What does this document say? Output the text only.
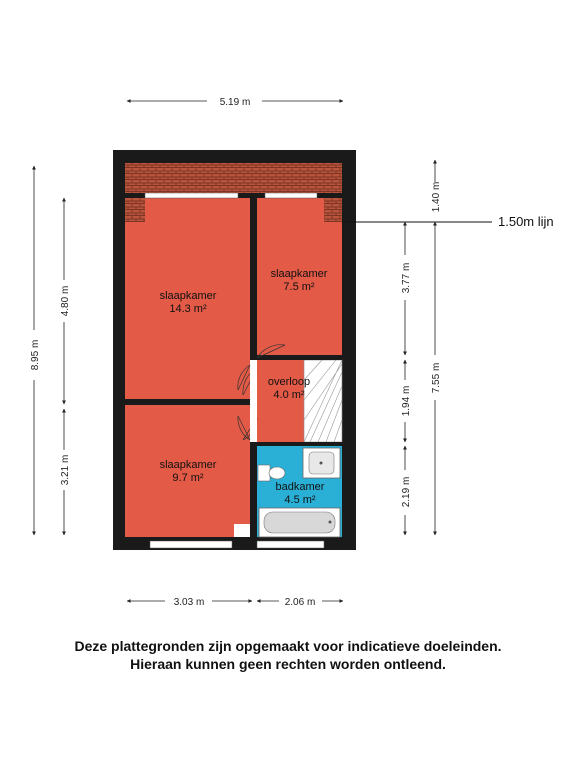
1.50m lijn
slaapkamer
14.3 m²
slaapkamer
7.5 m²
overloop
4.0 m²
slaapkamer
9.7 m²
badkamer
4.5 m²
5.19 m
3.03 m	2.06 m
8.95 m
4.80 m
3.21 m
7.55 m
1.40 m
3.77 m
1.94 m
2.19 m
Deze plattegronden zijn opgemaakt voor indicatieve doeleinden.
Hieraan kunnen geen rechten worden ontleend.
